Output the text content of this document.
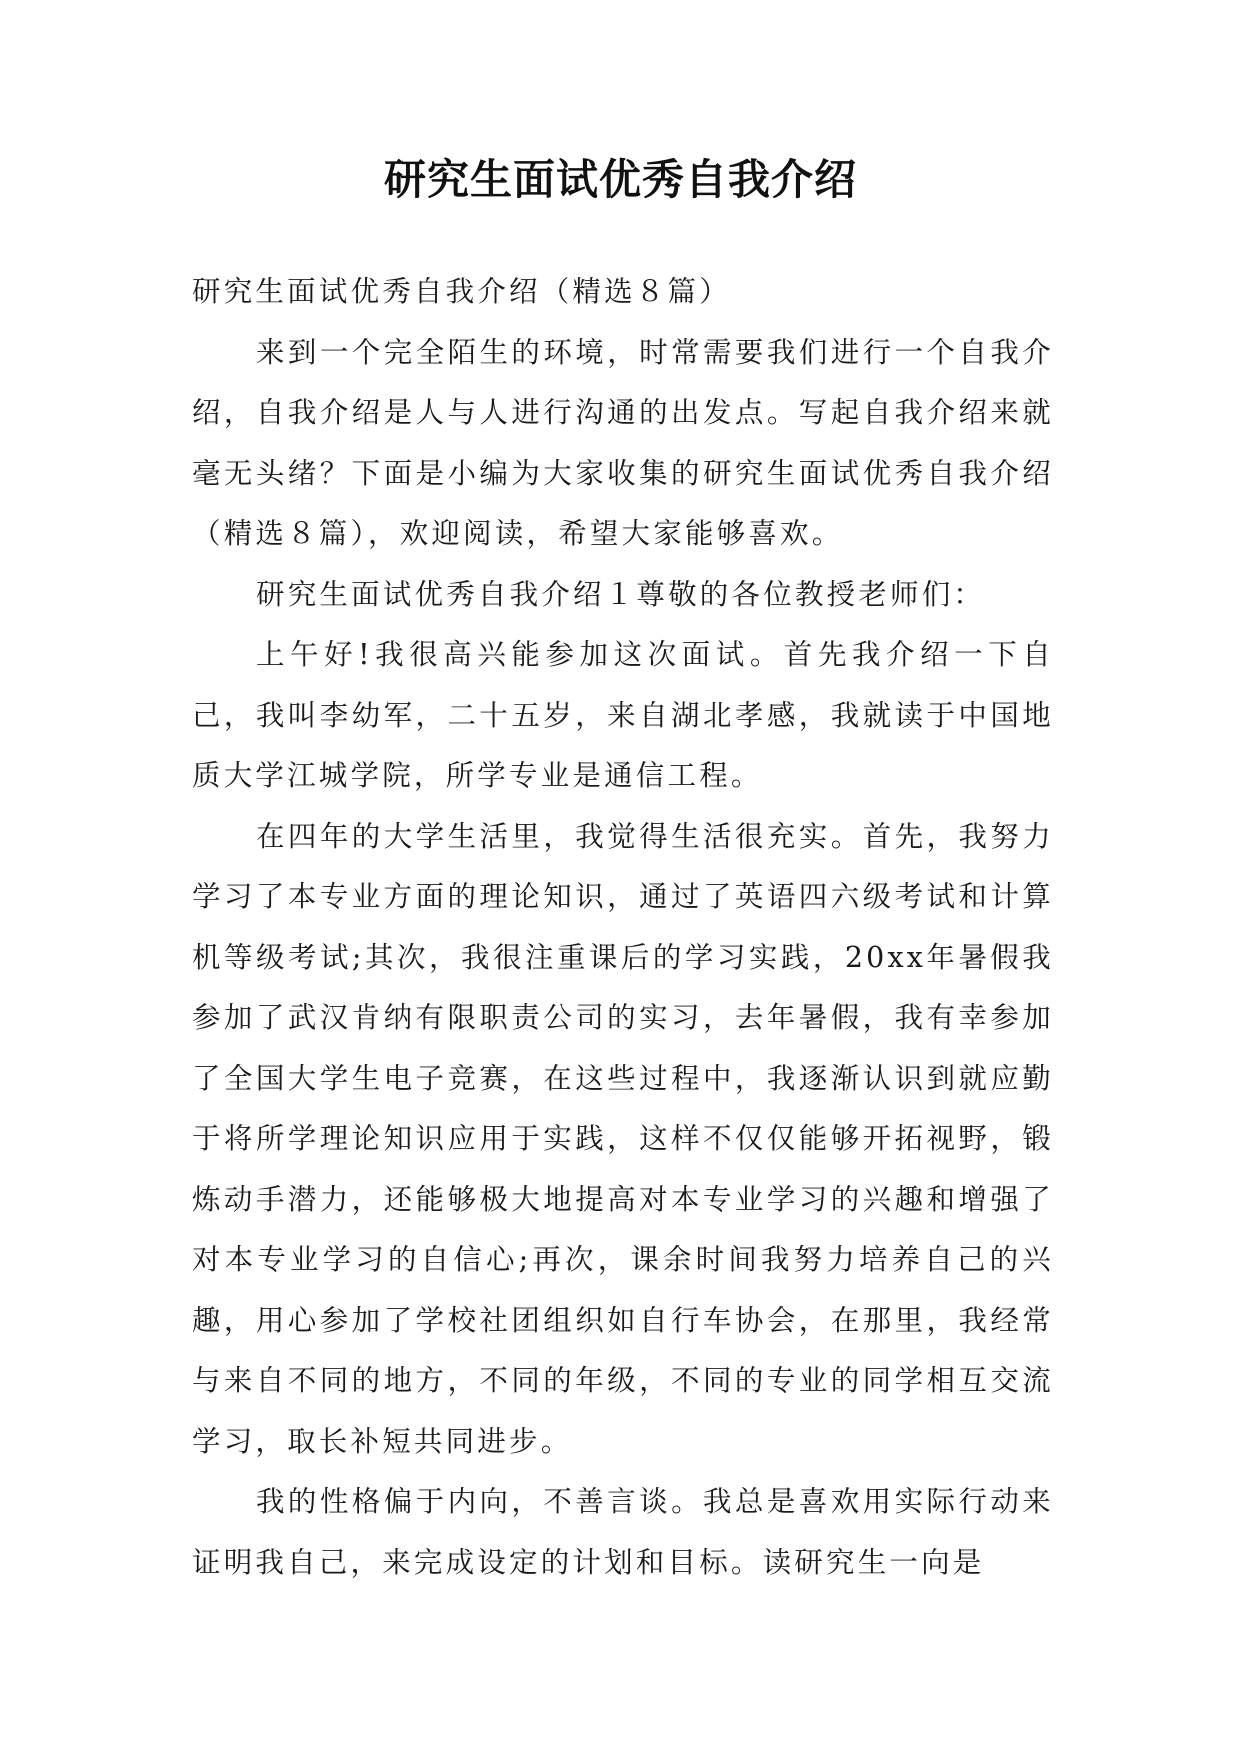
研究生面试优秀自我介绍

研究生面试优秀自我介绍（精选８篇）

来到一个完全陌生的环境，时常需要我们进行一个自我介绍，自我介绍是人与人进行沟通的出发点。写起自我介绍来就毫无头绪？下面是小编为大家收集的研究生面试优秀自我介绍（精选８篇），欢迎阅读，希望大家能够喜欢。

研究生面试优秀自我介绍１尊敬的各位教授老师们：

上午好!我很高兴能参加这次面试。首先我介绍一下自己，我叫李幼军，二十五岁，来自湖北孝感，我就读于中国地质大学江城学院，所学专业是通信工程。

在四年的大学生活里，我觉得生活很充实。首先，我努力学习了本专业方面的理论知识，通过了英语四六级考试和计算机等级考试;其次，我很注重课后的学习实践，20xx年暑假我参加了武汉肯纳有限职责公司的实习，去年暑假，我有幸参加了全国大学生电子竞赛，在这些过程中，我逐渐认识到就应勤于将所学理论知识应用于实践，这样不仅仅能够开拓视野，锻炼动手潜力，还能够极大地提高对本专业学习的兴趣和增强了对本专业学习的自信心;再次，课余时间我努力培养自己的兴趣，用心参加了学校社团组织如自行车协会，在那里，我经常与来自不同的地方，不同的年级，不同的专业的同学相互交流学习，取长补短共同进步。

我的性格偏于内向，不善言谈。我总是喜欢用实际行动来证明我自己，来完成设定的计划和目标。读研究生一向是
